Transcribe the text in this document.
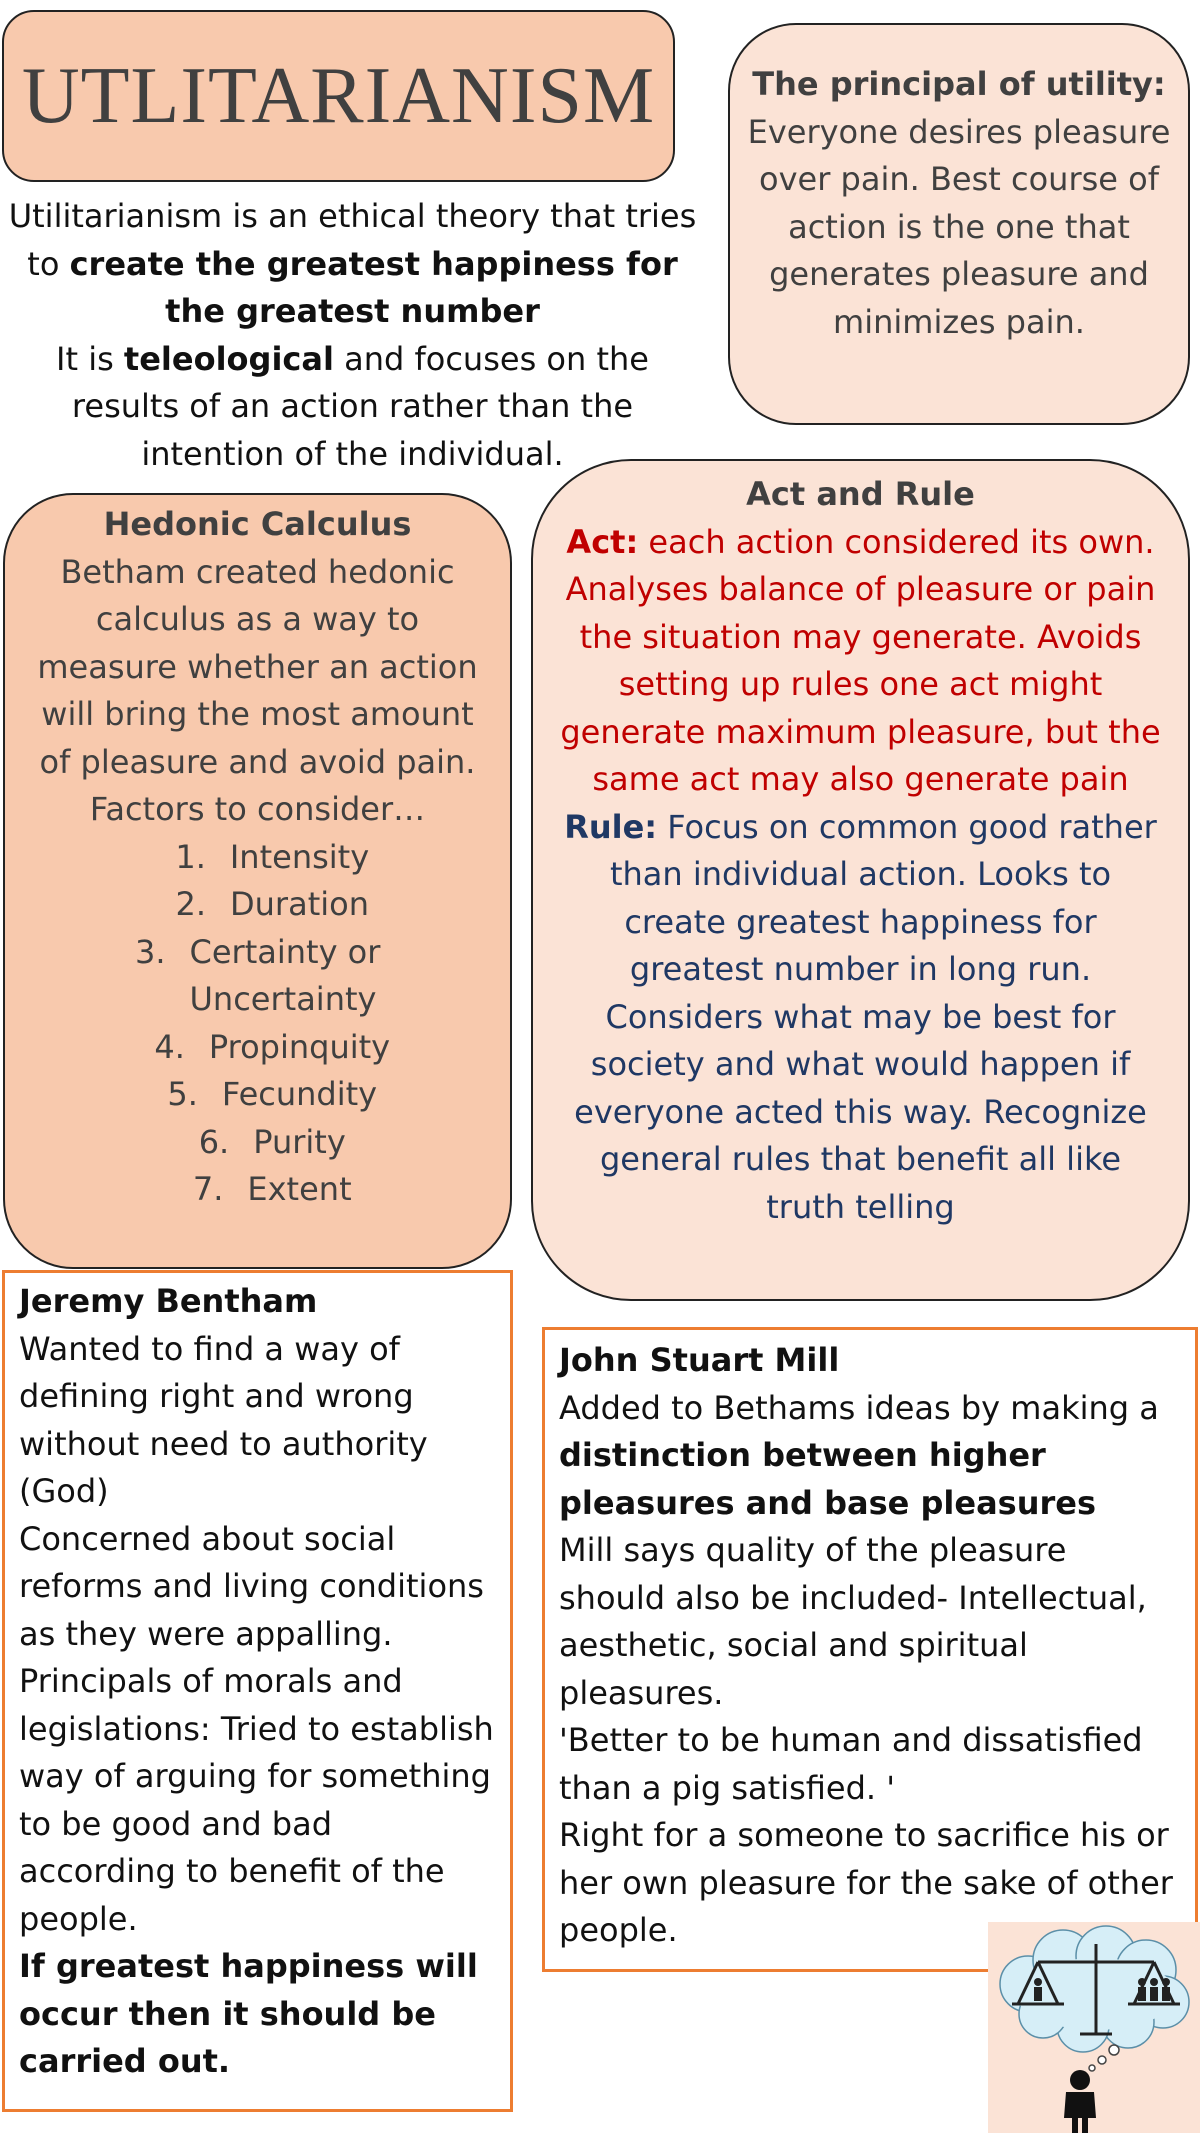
UTLITARIANISM
Utilitarianism is an ethical theory that tries to create the greatest happiness for the greatest number
It is teleological and focuses on the results of an action rather than the intention of the individual.
The principal of utility:
Everyone desires pleasure over pain. Best course of action is the one that generates pleasure and minimizes pain.
Hedonic Calculus
Betham created hedonic calculus as a way to measure whether an action will bring the most amount of pleasure and avoid pain. Factors to consider…
1. Intensity
2. Duration
3. Certainty or Uncertainty
4. Propinquity
5. Fecundity
6. Purity
7. Extent
Act and Rule
Act: each action considered its own. Analyses balance of pleasure or pain the situation may generate. Avoids setting up rules one act might generate maximum pleasure, but the same act may also generate pain
Rule: Focus on common good rather than individual action. Looks to create greatest happiness for greatest number in long run. Considers what may be best for society and what would happen if everyone acted this way. Recognize general rules that benefit all like truth telling
Jeremy Bentham
Wanted to find a way of defining right and wrong without need to authority (God)
Concerned about social reforms and living conditions as they were appalling.
Principals of morals and legislations: Tried to establish way of arguing for something to be good and bad according to benefit of the people.
If greatest happiness will occur then it should be carried out.
John Stuart Mill
Added to Bethams ideas by making a distinction between higher pleasures and base pleasures
Mill says quality of the pleasure should also be included- Intellectual, aesthetic, social and spiritual pleasures.
'Better to be human and dissatisfied than a pig satisfied. '
Right for a someone to sacrifice his or her own pleasure for the sake of other people.
